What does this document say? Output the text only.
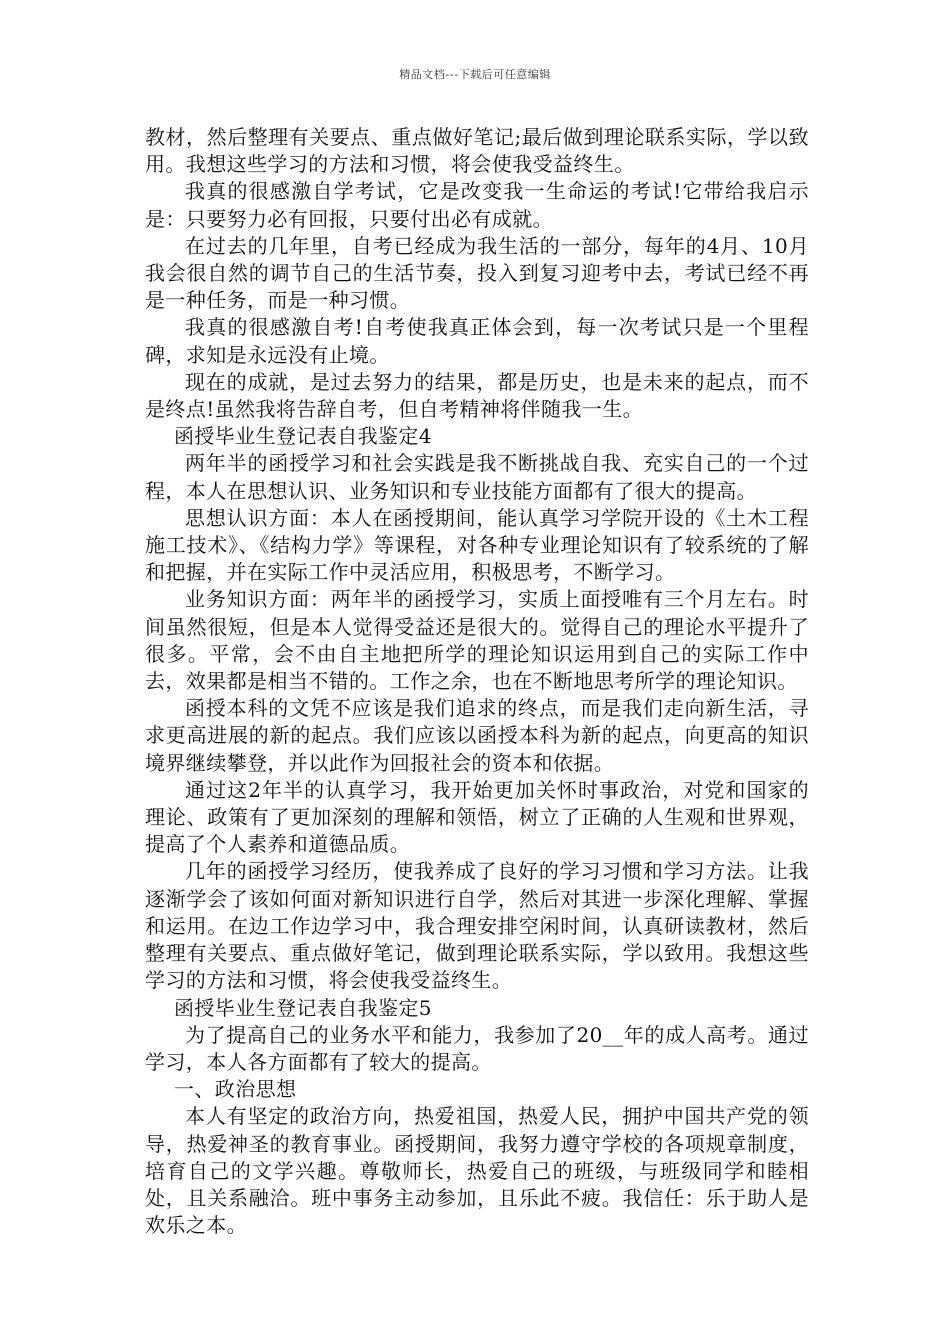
精品文档---下载后可任意编辑

教材，然后整理有关要点、重点做好笔记;最后做到理论联系实际，学以致用。我想这些学习的方法和习惯，将会使我受益终生。

我真的很感激自学考试，它是改变我一生命运的考试!它带给我启示是：只要努力必有回报，只要付出必有成就。

在过去的几年里，自考已经成为我生活的一部分，每年的4月、10月我会很自然的调节自己的生活节奏，投入到复习迎考中去，考试已经不再是一种任务，而是一种习惯。

我真的很感激自考!自考使我真正体会到，每一次考试只是一个里程碑，求知是永远没有止境。

现在的成就，是过去努力的结果，都是历史，也是未来的起点，而不是终点!虽然我将告辞自考，但自考精神将伴随我一生。

函授毕业生登记表自我鉴定4

两年半的函授学习和社会实践是我不断挑战自我、充实自己的一个过程，本人在思想认识、业务知识和专业技能方面都有了很大的提高。

思想认识方面：本人在函授期间，能认真学习学院开设的《土木工程施工技术》、《结构力学》等课程，对各种专业理论知识有了较系统的了解和把握，并在实际工作中灵活应用，积极思考，不断学习。

业务知识方面：两年半的函授学习，实质上面授唯有三个月左右。时间虽然很短，但是本人觉得受益还是很大的。觉得自己的理论水平提升了很多。平常，会不由自主地把所学的理论知识运用到自己的实际工作中去，效果都是相当不错的。工作之余，也在不断地思考所学的理论知识。

函授本科的文凭不应该是我们追求的终点，而是我们走向新生活，寻求更高进展的新的起点。我们应该以函授本科为新的起点，向更高的知识境界继续攀登，并以此作为回报社会的资本和依据。

通过这2年半的认真学习，我开始更加关怀时事政治，对党和国家的理论、政策有了更加深刻的理解和领悟，树立了正确的人生观和世界观，提高了个人素养和道德品质。

几年的函授学习经历，使我养成了良好的学习习惯和学习方法。让我逐渐学会了该如何面对新知识进行自学，然后对其进一步深化理解、掌握和运用。在边工作边学习中，我合理安排空闲时间，认真研读教材，然后整理有关要点、重点做好笔记，做到理论联系实际，学以致用。我想这些学习的方法和习惯，将会使我受益终生。

函授毕业生登记表自我鉴定5

为了提高自己的业务水平和能力，我参加了20__年的成人高考。通过学习，本人各方面都有了较大的提高。

一、政治思想

本人有坚定的政治方向，热爱祖国，热爱人民，拥护中国共产党的领导，热爱神圣的教育事业。函授期间，我努力遵守学校的各项规章制度，培育自己的文学兴趣。尊敬师长，热爱自己的班级，与班级同学和睦相处，且关系融洽。班中事务主动参加，且乐此不疲。我信任：乐于助人是欢乐之本。
